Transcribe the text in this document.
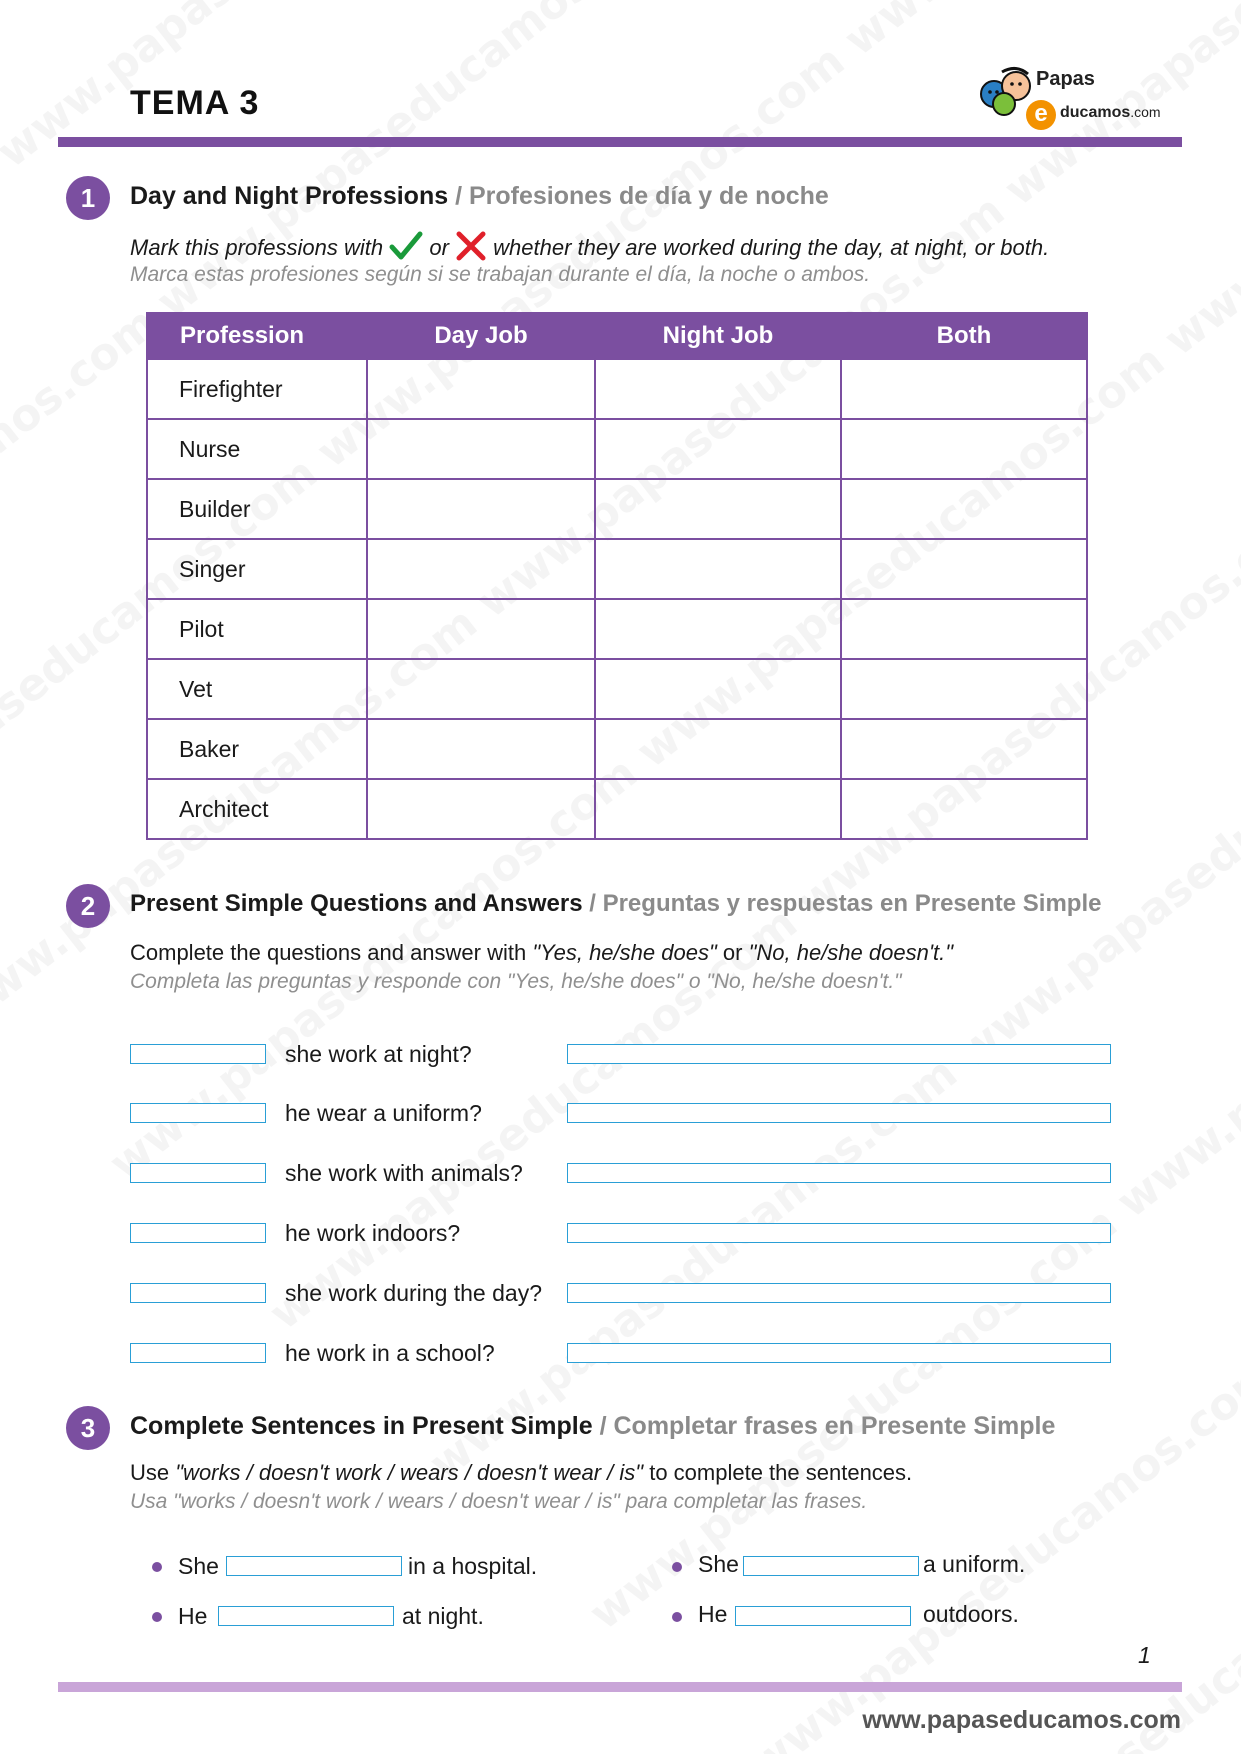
TEMA 3
Papas
e ducamos.com
1	Day and Night Professions / Profesiones de día y de noche
Mark this professions with or whether they are worked during the day, at night, or both.
Marca estas profesiones según si se trabajan durante el día, la noche o ambos.
Profession	Day Job	Night Job	Both
Firefighter			
Nurse			
Builder			
Singer			
Pilot			
Vet			
Baker			
Architect			
2	Present Simple Questions and Answers / Preguntas y respuestas en Presente Simple
Complete the questions and answer with "Yes, he/she does" or "No, he/she doesn't."
Completa las preguntas y responde con "Yes, he/she does" o "No, he/she doesn't."
she work at night?
he wear a uniform?
she work with animals?
he work indoors?
she work during the day?
he work in a school?
3	Complete Sentences in Present Simple / Completar frases en Presente Simple
Use "works / doesn't work / wears / doesn't wear / is" to complete the sentences.
Usa "works / doesn't work / wears / doesn't wear / is" para completar las frases.
She	in a hospital.
He	at night.
She	a uniform.
He	outdoors.
1
www.papaseducamos.com
